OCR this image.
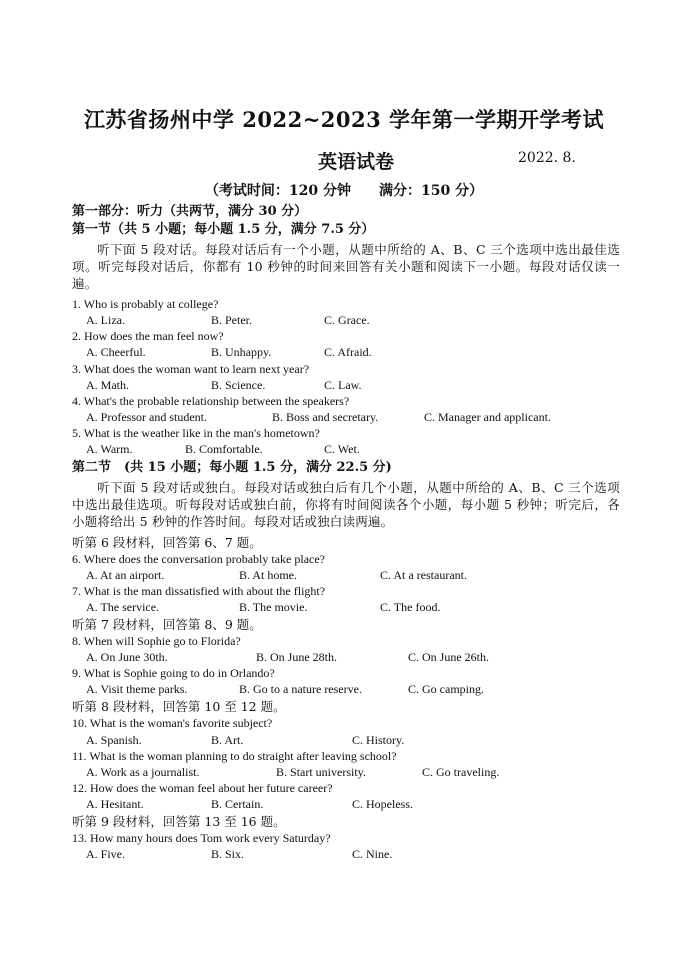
江苏省扬州中学 2022~2023 学年第一学期开学考试
英语试卷	2022. 8.
（考试时间：120 分钟 满分：150 分）
第一部分：听力（共两节，满分 30 分）
第一节（共 5 小题；每小题 1.5 分，满分 7.5 分）
听下面 5 段对话。每段对话后有一个小题，从题中所给的 A、B、C 三个选项中选出最佳选项。听完每段对话后，你都有 10 秒钟的时间来回答有关小题和阅读下一小题。每段对话仅读一遍。
1. Who is probably at college?
A. Liza.	B. Peter.	C. Grace.
2. How does the man feel now?
A. Cheerful.	B. Unhappy.	C. Afraid.
3. What does the woman want to learn next year?
A. Math.	B. Science.	C. Law.
4. What's the probable relationship between the speakers?
A. Professor and student.	B. Boss and secretary.	C. Manager and applicant.
5. What is the weather like in the man's hometown?
A. Warm.	B. Comfortable.	C. Wet.
第二节　(共 15 小题；每小题 1.5 分，满分 22.5 分)
听下面 5 段对话或独白。每段对话或独白后有几个小题，从题中所给的 A、B、C 三个选项中选出最佳选项。听每段对话或独白前，你将有时间阅读各个小题，每小题 5 秒钟；听完后，各小题将给出 5 秒钟的作答时间。每段对话或独白读两遍。
听第 6 段材料，回答第 6、7 题。
6. Where does the conversation probably take place?
A. At an airport.	B. At home.	C. At a restaurant.
7. What is the man dissatisfied with about the flight?
A. The service.	B. The movie.	C. The food.
听第 7 段材料，回答第 8、9 题。
8. When will Sophie go to Florida?
A. On June 30th.	B. On June 28th.	C. On June 26th.
9. What is Sophie going to do in Orlando?
A. Visit theme parks.	B. Go to a nature reserve.	C. Go camping.
听第 8 段材料，回答第 10 至 12 题。
10. What is the woman's favorite subject?
A. Spanish.	B. Art.	C. History.
11. What is the woman planning to do straight after leaving school?
A. Work as a journalist.	B. Start university.	C. Go traveling.
12. How does the woman feel about her future career?
A. Hesitant.	B. Certain.	C. Hopeless.
听第 9 段材料，回答第 13 至 16 题。
13. How many hours does Tom work every Saturday?
A. Five.	B. Six.	C. Nine.
